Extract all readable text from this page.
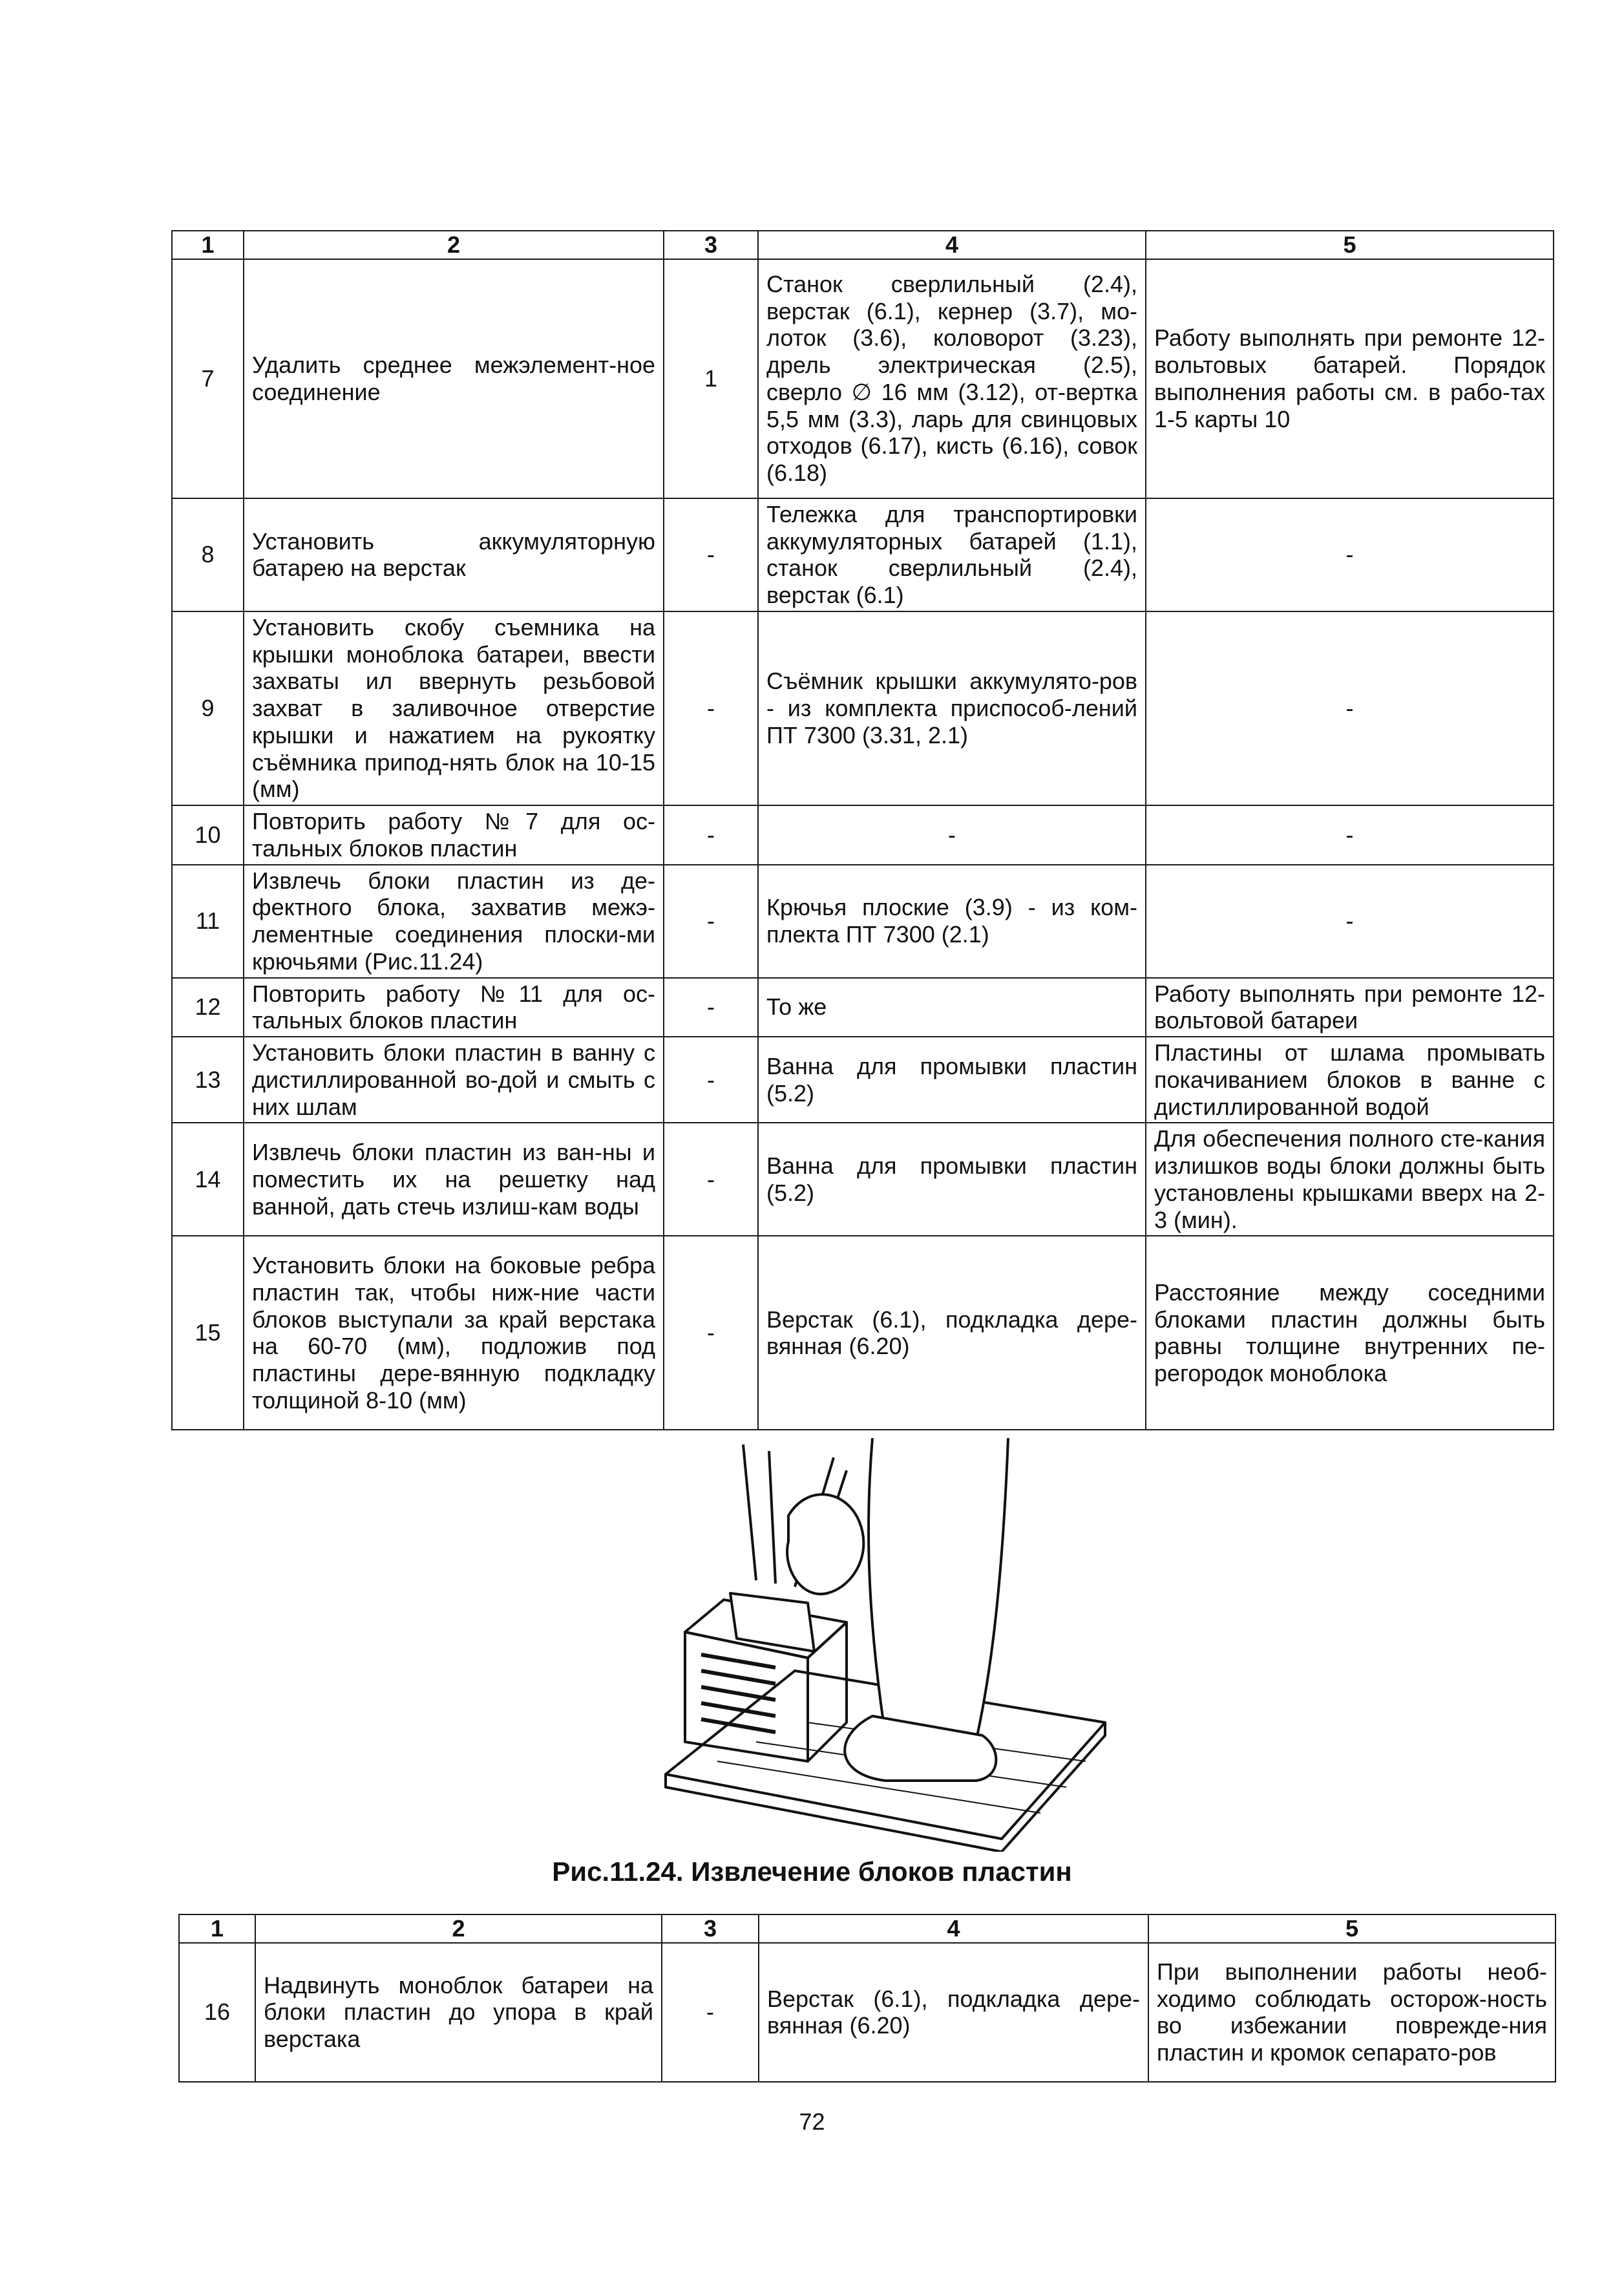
1	2	3	4	5
7	Удалить среднее межэлемент-ное соединение	1	Станок сверлильный (2.4), верстак (6.1), кернер (3.7), мо-лоток (3.6), коловорот (3.23), дрель электрическая (2.5), сверло ∅ 16 мм (3.12), от-вертка 5,5 мм (3.3), ларь для свинцовых отходов (6.17), кисть (6.16), совок (6.18)	Работу выполнять при ремонте 12-вольтовых батарей. Порядок выполнения работы см. в рабо-тах 1-5 карты 10
8	Установить аккумуляторную батарею на верстак	-	Тележка для транспортировки аккумуляторных батарей (1.1), станок сверлильный (2.4), верстак (6.1)	-
9	Установить скобу съемника на крышки моноблока батареи, ввести захваты ил ввернуть резьбовой захват в заливочное отверстие крышки и нажатием на рукоятку съёмника припод-нять блок на 10-15 (мм)	-	Съёмник крышки аккумулято-ров - из комплекта приспособ-лений ПТ 7300 (3.31, 2.1)	-
10	Повторить работу №7 для ос-тальных блоков пластин	-	-	-
11	Извлечь блоки пластин из де-фектного блока, захватив межэ-лементные соединения плоски-ми крючьями (Рис.11.24)	-	Крючья плоские (3.9) - из ком-плекта ПТ 7300 (2.1)	-
12	Повторить работу №11 для ос-тальных блоков пластин	-	То же	Работу выполнять при ремонте 12-вольтовой батареи
13	Установить блоки пластин в ванну с дистиллированной во-дой и смыть с них шлам	-	Ванна для промывки пластин (5.2)	Пластины от шлама промывать покачиванием блоков в ванне с дистиллированной водой
14	Извлечь блоки пластин из ван-ны и поместить их на решетку над ванной, дать стечь излиш-кам воды	-	Ванна для промывки пластин (5.2)	Для обеспечения полного сте-кания излишков воды блоки должны быть установлены крышками вверх на 2-3 (мин).
15	Установить блоки на боковые ребра пластин так, чтобы ниж-ние части блоков выступали за край верстака на 60-70 (мм), подложив под пластины дере-вянную подкладку толщиной 8-10 (мм)	-	Верстак (6.1), подкладка дере-вянная (6.20)	Расстояние между соседними блоками пластин должны быть равны толщине внутренних пе-регородок моноблока
Рис.11.24. Извлечение блоков пластин
1	2	3	4	5
16	Надвинуть моноблок батареи на блоки пластин до упора в край верстака	-	Верстак (6.1), подкладка дере-вянная (6.20)	При выполнении работы необ-ходимо соблюдать осторож-ность во избежании поврежде-ния пластин и кромок сепарато-ров
72
